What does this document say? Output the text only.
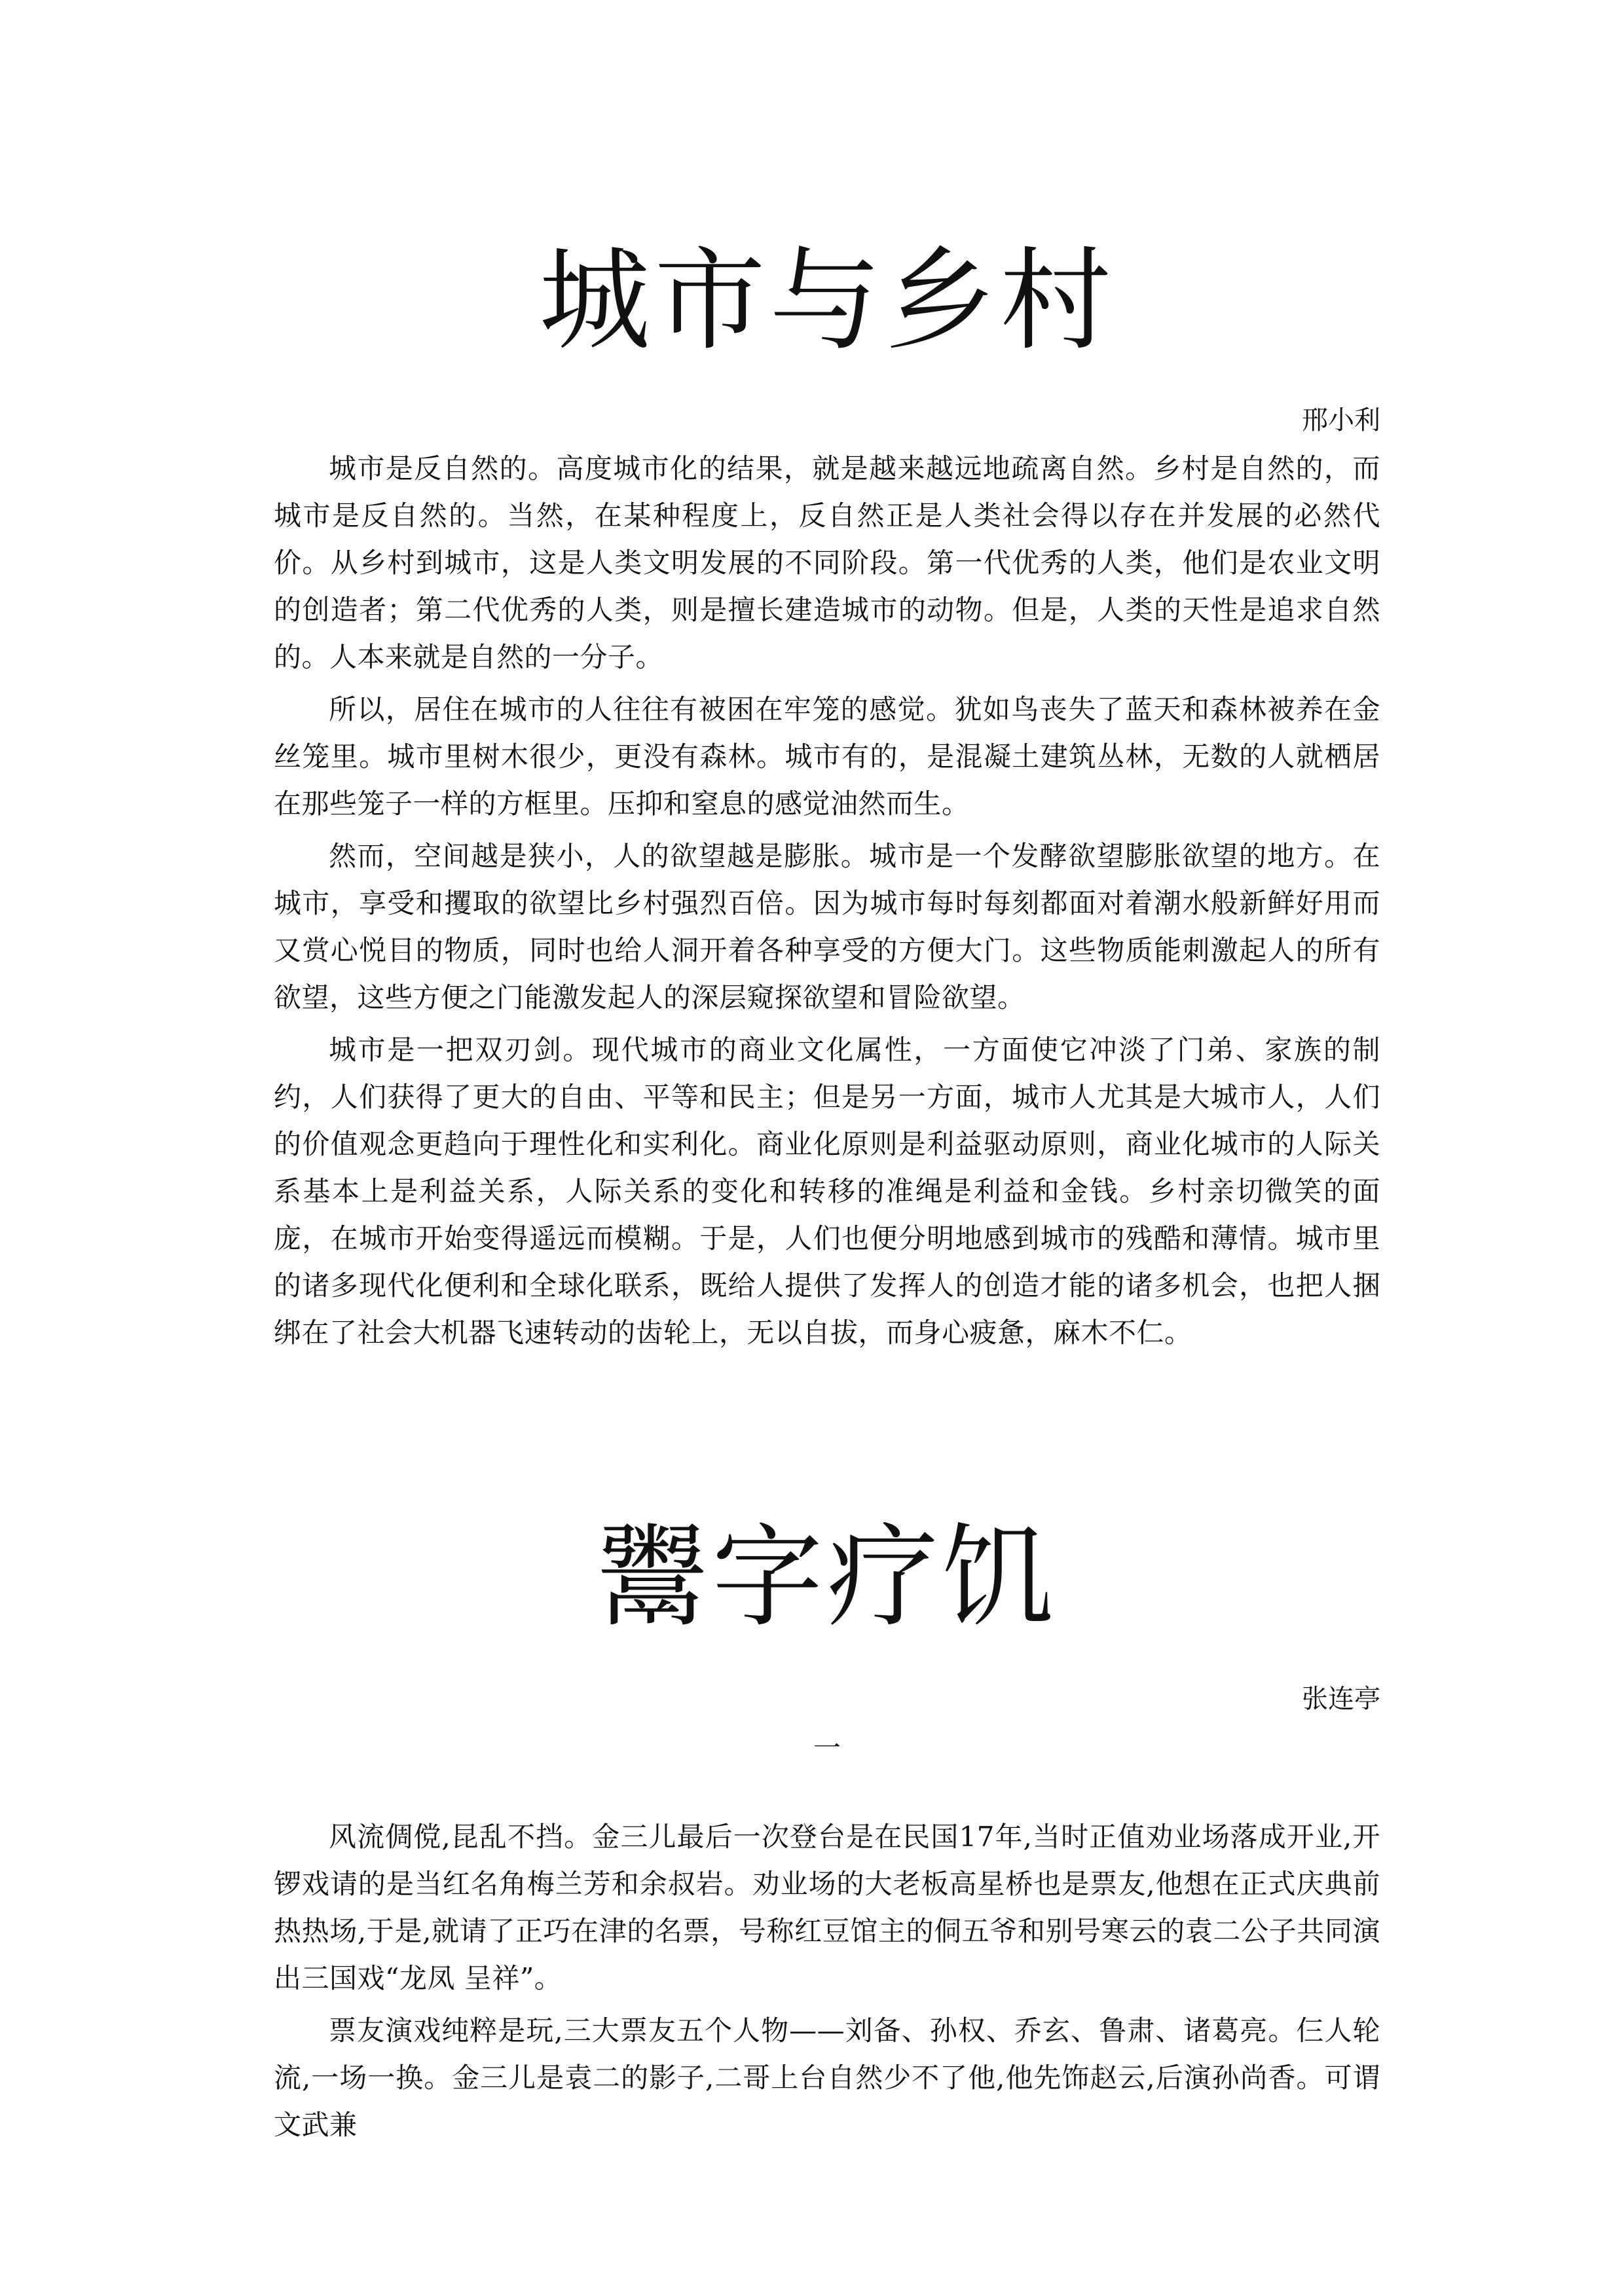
城市与乡村

邢小利

城市是反自然的。高度城市化的结果，就是越来越远地疏离自然。乡村是自然的，而城市是反自然的。当然，在某种程度上，反自然正是人类社会得以存在并发展的必然代价。从乡村到城市，这是人类文明发展的不同阶段。第一代优秀的人类，他们是农业文明的创造者；第二代优秀的人类，则是擅长建造城市的动物。但是，人类的天性是追求自然的。人本来就是自然的一分子。

所以，居住在城市的人往往有被困在牢笼的感觉。犹如鸟丧失了蓝天和森林被养在金丝笼里。城市里树木很少，更没有森林。城市有的，是混凝土建筑丛林，无数的人就栖居在那些笼子一样的方框里。压抑和窒息的感觉油然而生。

然而，空间越是狭小，人的欲望越是膨胀。城市是一个发酵欲望膨胀欲望的地方。在城市，享受和攫取的欲望比乡村强烈百倍。因为城市每时每刻都面对着潮水般新鲜好用而又赏心悦目的物质，同时也给人洞开着各种享受的方便大门。这些物质能刺激起人的所有欲望，这些方便之门能激发起人的深层窥探欲望和冒险欲望。

城市是一把双刃剑。现代城市的商业文化属性，一方面使它冲淡了门弟、家族的制约，人们获得了更大的自由、平等和民主；但是另一方面，城市人尤其是大城市人，人们的价值观念更趋向于理性化和实利化。商业化原则是利益驱动原则，商业化城市的人际关系基本上是利益关系，人际关系的变化和转移的准绳是利益和金钱。乡村亲切微笑的面庞，在城市开始变得遥远而模糊。于是，人们也便分明地感到城市的残酷和薄情。城市里的诸多现代化便利和全球化联系，既给人提供了发挥人的创造才能的诸多机会，也把人捆绑在了社会大机器飞速转动的齿轮上，无以自拔，而身心疲惫，麻木不仁。

鬻字疗饥

张连亭

一

风流倜傥,昆乱不挡。金三儿最后一次登台是在民国17年,当时正值劝业场落成开业,开锣戏请的是当红名角梅兰芳和余叔岩。劝业场的大老板高星桥也是票友,他想在正式庆典前热热场,于是,就请了正巧在津的名票，号称红豆馆主的侗五爷和别号寒云的袁二公子共同演出三国戏“龙凤 呈祥”。

票友演戏纯粹是玩,三大票友五个人物——刘备、孙权、乔玄、鲁肃、诸葛亮。仨人轮流,一场一换。金三儿是袁二的影子,二哥上台自然少不了他,他先饰赵云,后演孙尚香。可谓文武兼
